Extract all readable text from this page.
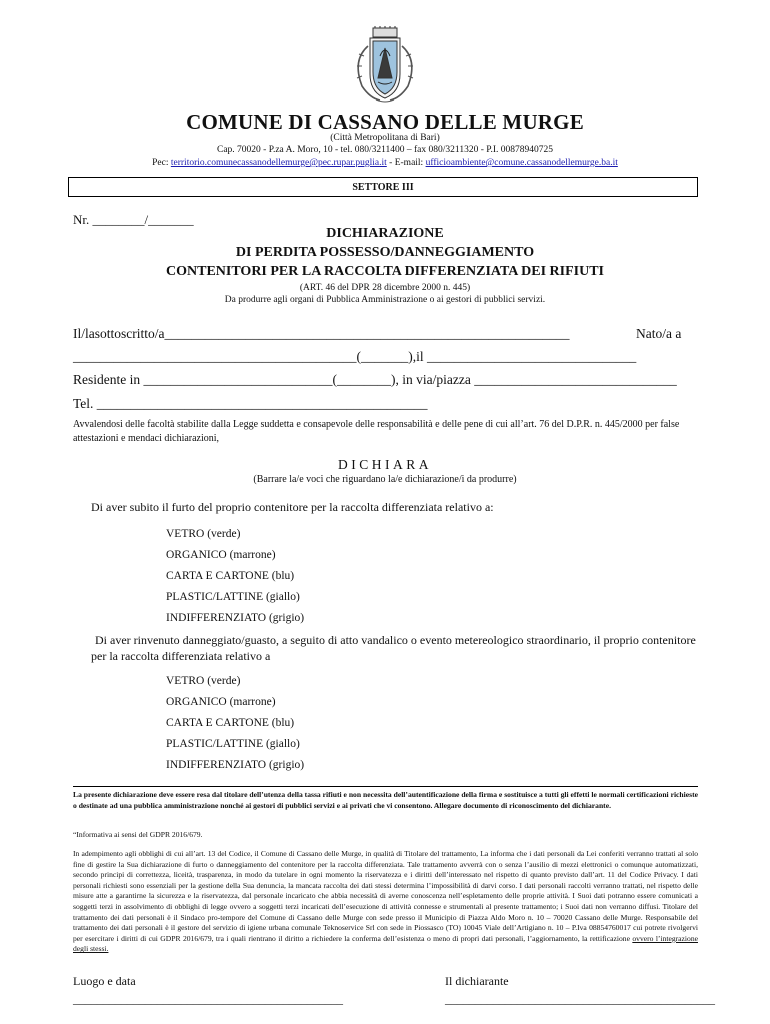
COMUNE DI CASSANO DELLE MURGE
(Città Metropolitana di Bari)
Cap. 70020 - P.za A. Moro, 10 - tel. 080/3211400 – fax 080/3211320 - P.I. 00878940725
Pec: territorio.comunecassanodellemurge@pec.rupar.puglia.it - E-mail: ufficioambiente@comune.cassanodellemurge.ba.it
SETTORE III
Nr. ________/_______
DICHIARAZIONE
DI PERDITA POSSESSO/DANNEGGIAMENTO
CONTENITORI PER LA RACCOLTA DIFFERENZIATA DEI RIFIUTI
(ART. 46 del DPR 28 dicembre 2000 n. 445)
Da produrre agli organi di Pubblica Amministrazione o ai gestori di pubblici servizi.
Il/lasottoscritto/a____________________________________________________________	Nato/a a
__________________________________________(_______),il _______________________________
Residente in ____________________________(________), in via/piazza ______________________________
Tel. _________________________________________________
Avvalendosi delle facoltà stabilite dalla Legge suddetta e consapevole delle responsabilità e delle pene di cui all’art. 76 del D.P.R. n. 445/2000 per false attestazioni e mendaci dichiarazioni,
DICHIARA
(Barrare la/e voci che riguardano la/e dichiarazione/i da produrre)
Di aver subito il furto del proprio contenitore per la raccolta differenziata relativo a:
VETRO (verde)
ORGANICO (marrone)
CARTA E CARTONE (blu)
PLASTIC/LATTINE (giallo)
INDIFFERENZIATO (grigio)
Di aver rinvenuto danneggiato/guasto, a seguito di atto vandalico o evento metereologico straordinario, il proprio contenitore per la raccolta differenziata relativo a
VETRO (verde)
ORGANICO (marrone)
CARTA E CARTONE (blu)
PLASTIC/LATTINE (giallo)
INDIFFERENZIATO (grigio)
La presente dichiarazione deve essere resa dal titolare dell’utenza della tassa rifiuti e non necessita dell’autentificazione della firma e sostituisce a tutti gli effetti le normali certificazioni richieste o destinate ad una pubblica amministrazione nonché ai gestori di pubblici servizi e ai privati che vi consentono. Allegare documento di riconoscimento del dichiarante.
“Informativa ai sensi del GDPR 2016/679.
In adempimento agli obblighi di cui all’art. 13 del Codice, il Comune di Cassano delle Murge, in qualità di Titolare del trattamento, La informa che i dati personali da Lei conferiti verranno trattati al solo fine di gestire la Sua dichiarazione di furto o danneggiamento del contenitore per la raccolta differenziata. Tale trattamento avverrà con o senza l’ausilio di mezzi elettronici o comunque automatizzati, secondo principi di correttezza, liceità, trasparenza, in modo da tutelare in ogni momento la riservatezza e i diritti dell’interessato nel rispetto di quanto previsto dall’art. 11 del Codice Privacy. I dati personali richiesti sono essenziali per la gestione della Sua denuncia, la mancata raccolta dei dati stessi determina l’impossibilità di darvi corso. I dati personali raccolti verranno trattati, nel rispetto delle misure atte a garantirne la sicurezza e la riservatezza, dal personale incaricato che abbia necessità di averne conoscenza nell’espletamento delle proprie attività. I Suoi dati potranno essere comunicati a soggetti terzi in assolvimento di obblighi di legge ovvero a soggetti terzi incaricati dell’esecuzione di attività connesse e strumentali al presente trattamento; i Suoi dati non verranno diffusi. Titolare del trattamento dei dati personali è il Sindaco pro-tempore del Comune di Cassano delle Murge con sede presso il Municipio di Piazza Aldo Moro n. 10 – 70020 Cassano delle Murge. Responsabile del trattamento dei dati personali è il gestore del servizio di igiene urbana comunale Teknoservice Srl con sede in Piossasco (TO) 10045 Viale dell’Artigiano n. 10 – P.Iva 08854760017 cui potrete rivolgervi per esercitare i diritti di cui GDPR 2016/679, tra i quali rientrano il diritto a richiedere la conferma dell’esistenza o meno di propri dati personali, l’aggiornamento, la rettificazione ovvero l’integrazione degli stessi.
Luogo e data	Il dichiarante
_____________________________________________	_____________________________________________
